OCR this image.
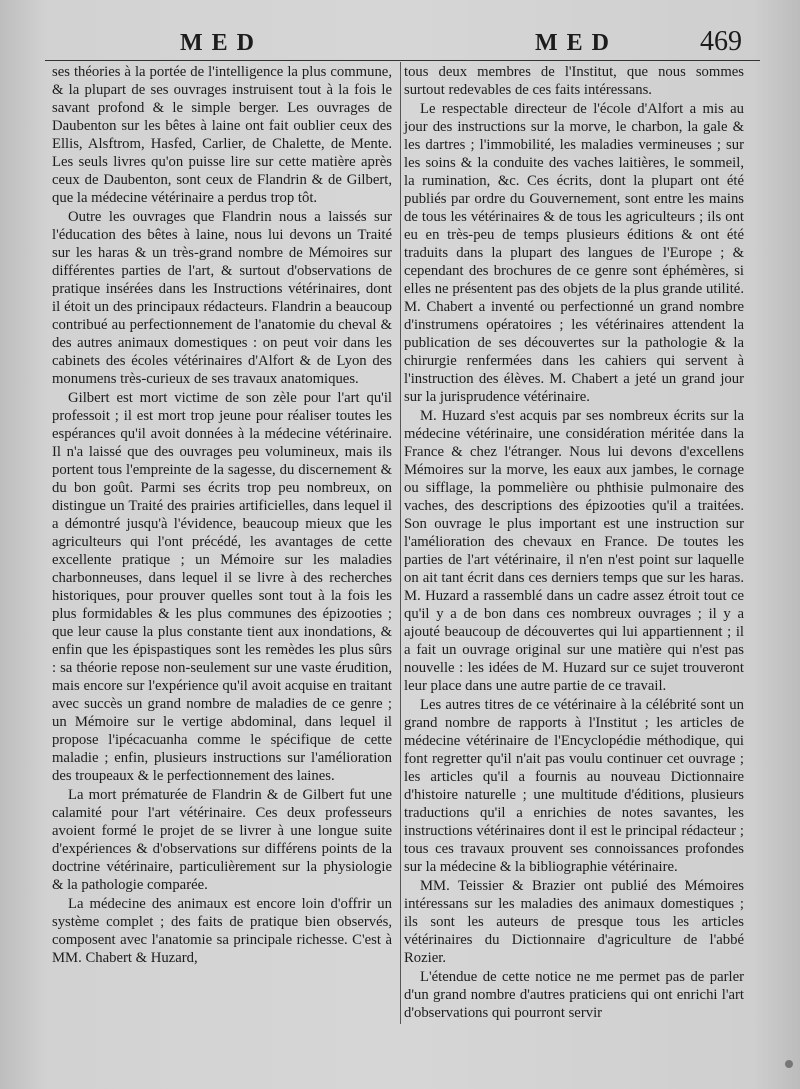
MED	MED	469

ses théories à la portée de l'intelligence la plus commune, & la plupart de ses ouvrages instruisent tout à la fois le savant profond & le simple berger. Les ouvrages de Daubenton sur les bêtes à laine ont fait oublier ceux des Ellis, Alsftrom, Hasfed, Carlier, de Chalette, de Mente. Les seuls livres qu'on puisse lire sur cette matière après ceux de Daubenton, sont ceux de Flandrin & de Gilbert, que la médecine vétérinaire a perdus trop tôt.

Outre les ouvrages que Flandrin nous a laissés sur l'éducation des bêtes à laine, nous lui devons un Traité sur les haras & un très-grand nombre de Mémoires sur différentes parties de l'art, & surtout d'observations de pratique insérées dans les Instructions vétérinaires, dont il étoit un des principaux rédacteurs. Flandrin a beaucoup contribué au perfectionnement de l'anatomie du cheval & des autres animaux domestiques : on peut voir dans les cabinets des écoles vétérinaires d'Alfort & de Lyon des monumens très-curieux de ses travaux anatomiques.

Gilbert est mort victime de son zèle pour l'art qu'il professoit ; il est mort trop jeune pour réaliser toutes les espérances qu'il avoit données à la médecine vétérinaire. Il n'a laissé que des ouvrages peu volumineux, mais ils portent tous l'empreinte de la sagesse, du discernement & du bon goût. Parmi ses écrits trop peu nombreux, on distingue un Traité des prairies artificielles, dans lequel il a démontré jusqu'à l'évidence, beaucoup mieux que les agriculteurs qui l'ont précédé, les avantages de cette excellente pratique ; un Mémoire sur les maladies charbonneuses, dans lequel il se livre à des recherches historiques, pour prouver quelles sont tout à la fois les plus formidables & les plus communes des épizooties ; que leur cause la plus constante tient aux inondations, & enfin que les épispastiques sont les remèdes les plus sûrs : sa théorie repose non-seulement sur une vaste érudition, mais encore sur l'expérience qu'il avoit acquise en traitant avec succès un grand nombre de maladies de ce genre ; un Mémoire sur le vertige abdominal, dans lequel il propose l'ipécacuanha comme le spécifique de cette maladie ; enfin, plusieurs instructions sur l'amélioration des troupeaux & le perfectionnement des laines.

La mort prématurée de Flandrin & de Gilbert fut une calamité pour l'art vétérinaire. Ces deux professeurs avoient formé le projet de se livrer à une longue suite d'expériences & d'observations sur différens points de la doctrine vétérinaire, particulièrement sur la physiologie & la pathologie comparée.

La médecine des animaux est encore loin d'offrir un système complet ; des faits de pratique bien observés, composent avec l'anatomie sa principale richesse. C'est à MM. Chabert & Huzard,

tous deux membres de l'Institut, que nous sommes surtout redevables de ces faits intéressans.

Le respectable directeur de l'école d'Alfort a mis au jour des instructions sur la morve, le charbon, la gale & les dartres ; l'immobilité, les maladies vermineuses ; sur les soins & la conduite des vaches laitières, le sommeil, la rumination, &c. Ces écrits, dont la plupart ont été publiés par ordre du Gouvernement, sont entre les mains de tous les vétérinaires & de tous les agriculteurs ; ils ont eu en très-peu de temps plusieurs éditions & ont été traduits dans la plupart des langues de l'Europe ; & cependant des brochures de ce genre sont éphémères, si elles ne présentent pas des objets de la plus grande utilité. M. Chabert a inventé ou perfectionné un grand nombre d'instrumens opératoires ; les vétérinaires attendent la publication de ses découvertes sur la pathologie & la chirurgie renfermées dans les cahiers qui servent à l'instruction des élèves. M. Chabert a jeté un grand jour sur la jurisprudence vétérinaire.

M. Huzard s'est acquis par ses nombreux écrits sur la médecine vétérinaire, une considération méritée dans la France & chez l'étranger. Nous lui devons d'excellens Mémoires sur la morve, les eaux aux jambes, le cornage ou sifflage, la pommelière ou phthisie pulmonaire des vaches, des descriptions des épizooties qu'il a traitées. Son ouvrage le plus important est une instruction sur l'amélioration des chevaux en France. De toutes les parties de l'art vétérinaire, il n'en n'est point sur laquelle on ait tant écrit dans ces derniers temps que sur les haras. M. Huzard a rassemblé dans un cadre assez étroit tout ce qu'il y a de bon dans ces nombreux ouvrages ; il y a ajouté beaucoup de découvertes qui lui appartiennent ; il a fait un ouvrage original sur une matière qui n'est pas nouvelle : les idées de M. Huzard sur ce sujet trouveront leur place dans une autre partie de ce travail.

Les autres titres de ce vétérinaire à la célébrité sont un grand nombre de rapports à l'Institut ; les articles de médecine vétérinaire de l'Encyclopédie méthodique, qui font regretter qu'il n'ait pas voulu continuer cet ouvrage ; les articles qu'il a fournis au nouveau Dictionnaire d'histoire naturelle ; une multitude d'éditions, plusieurs traductions qu'il a enrichies de notes savantes, les instructions vétérinaires dont il est le principal rédacteur ; tous ces travaux prouvent ses connoissances profondes sur la médecine & la bibliographie vétérinaire.

MM. Teissier & Brazier ont publié des Mémoires intéressans sur les maladies des animaux domestiques ; ils sont les auteurs de presque tous les articles vétérinaires du Dictionnaire d'agriculture de l'abbé Rozier.

L'étendue de cette notice ne me permet pas de parler d'un grand nombre d'autres praticiens qui ont enrichi l'art d'observations qui pourront servir
